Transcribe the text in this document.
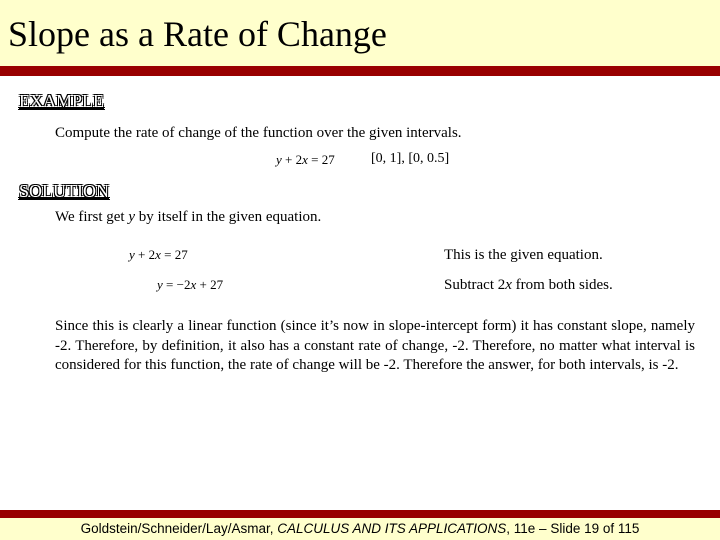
Slope as a Rate of Change
EXAMPLE
Compute the rate of change of the function over the given intervals.
y + 2x = 27	[0, 1], [0, 0.5]
SOLUTION
We first get y by itself in the given equation.
y + 2x = 27	This is the given equation.
y = −2x + 27	Subtract 2x from both sides.
Since this is clearly a linear function (since it’s now in slope-intercept form) it has constant slope, namely -2. Therefore, by definition, it also has a constant rate of change, -2. Therefore, no matter what interval is considered for this function, the rate of change will be -2. Therefore the answer, for both intervals, is -2.
Goldstein/Schneider/Lay/Asmar, CALCULUS AND ITS APPLICATIONS, 11e – Slide 19 of 115
